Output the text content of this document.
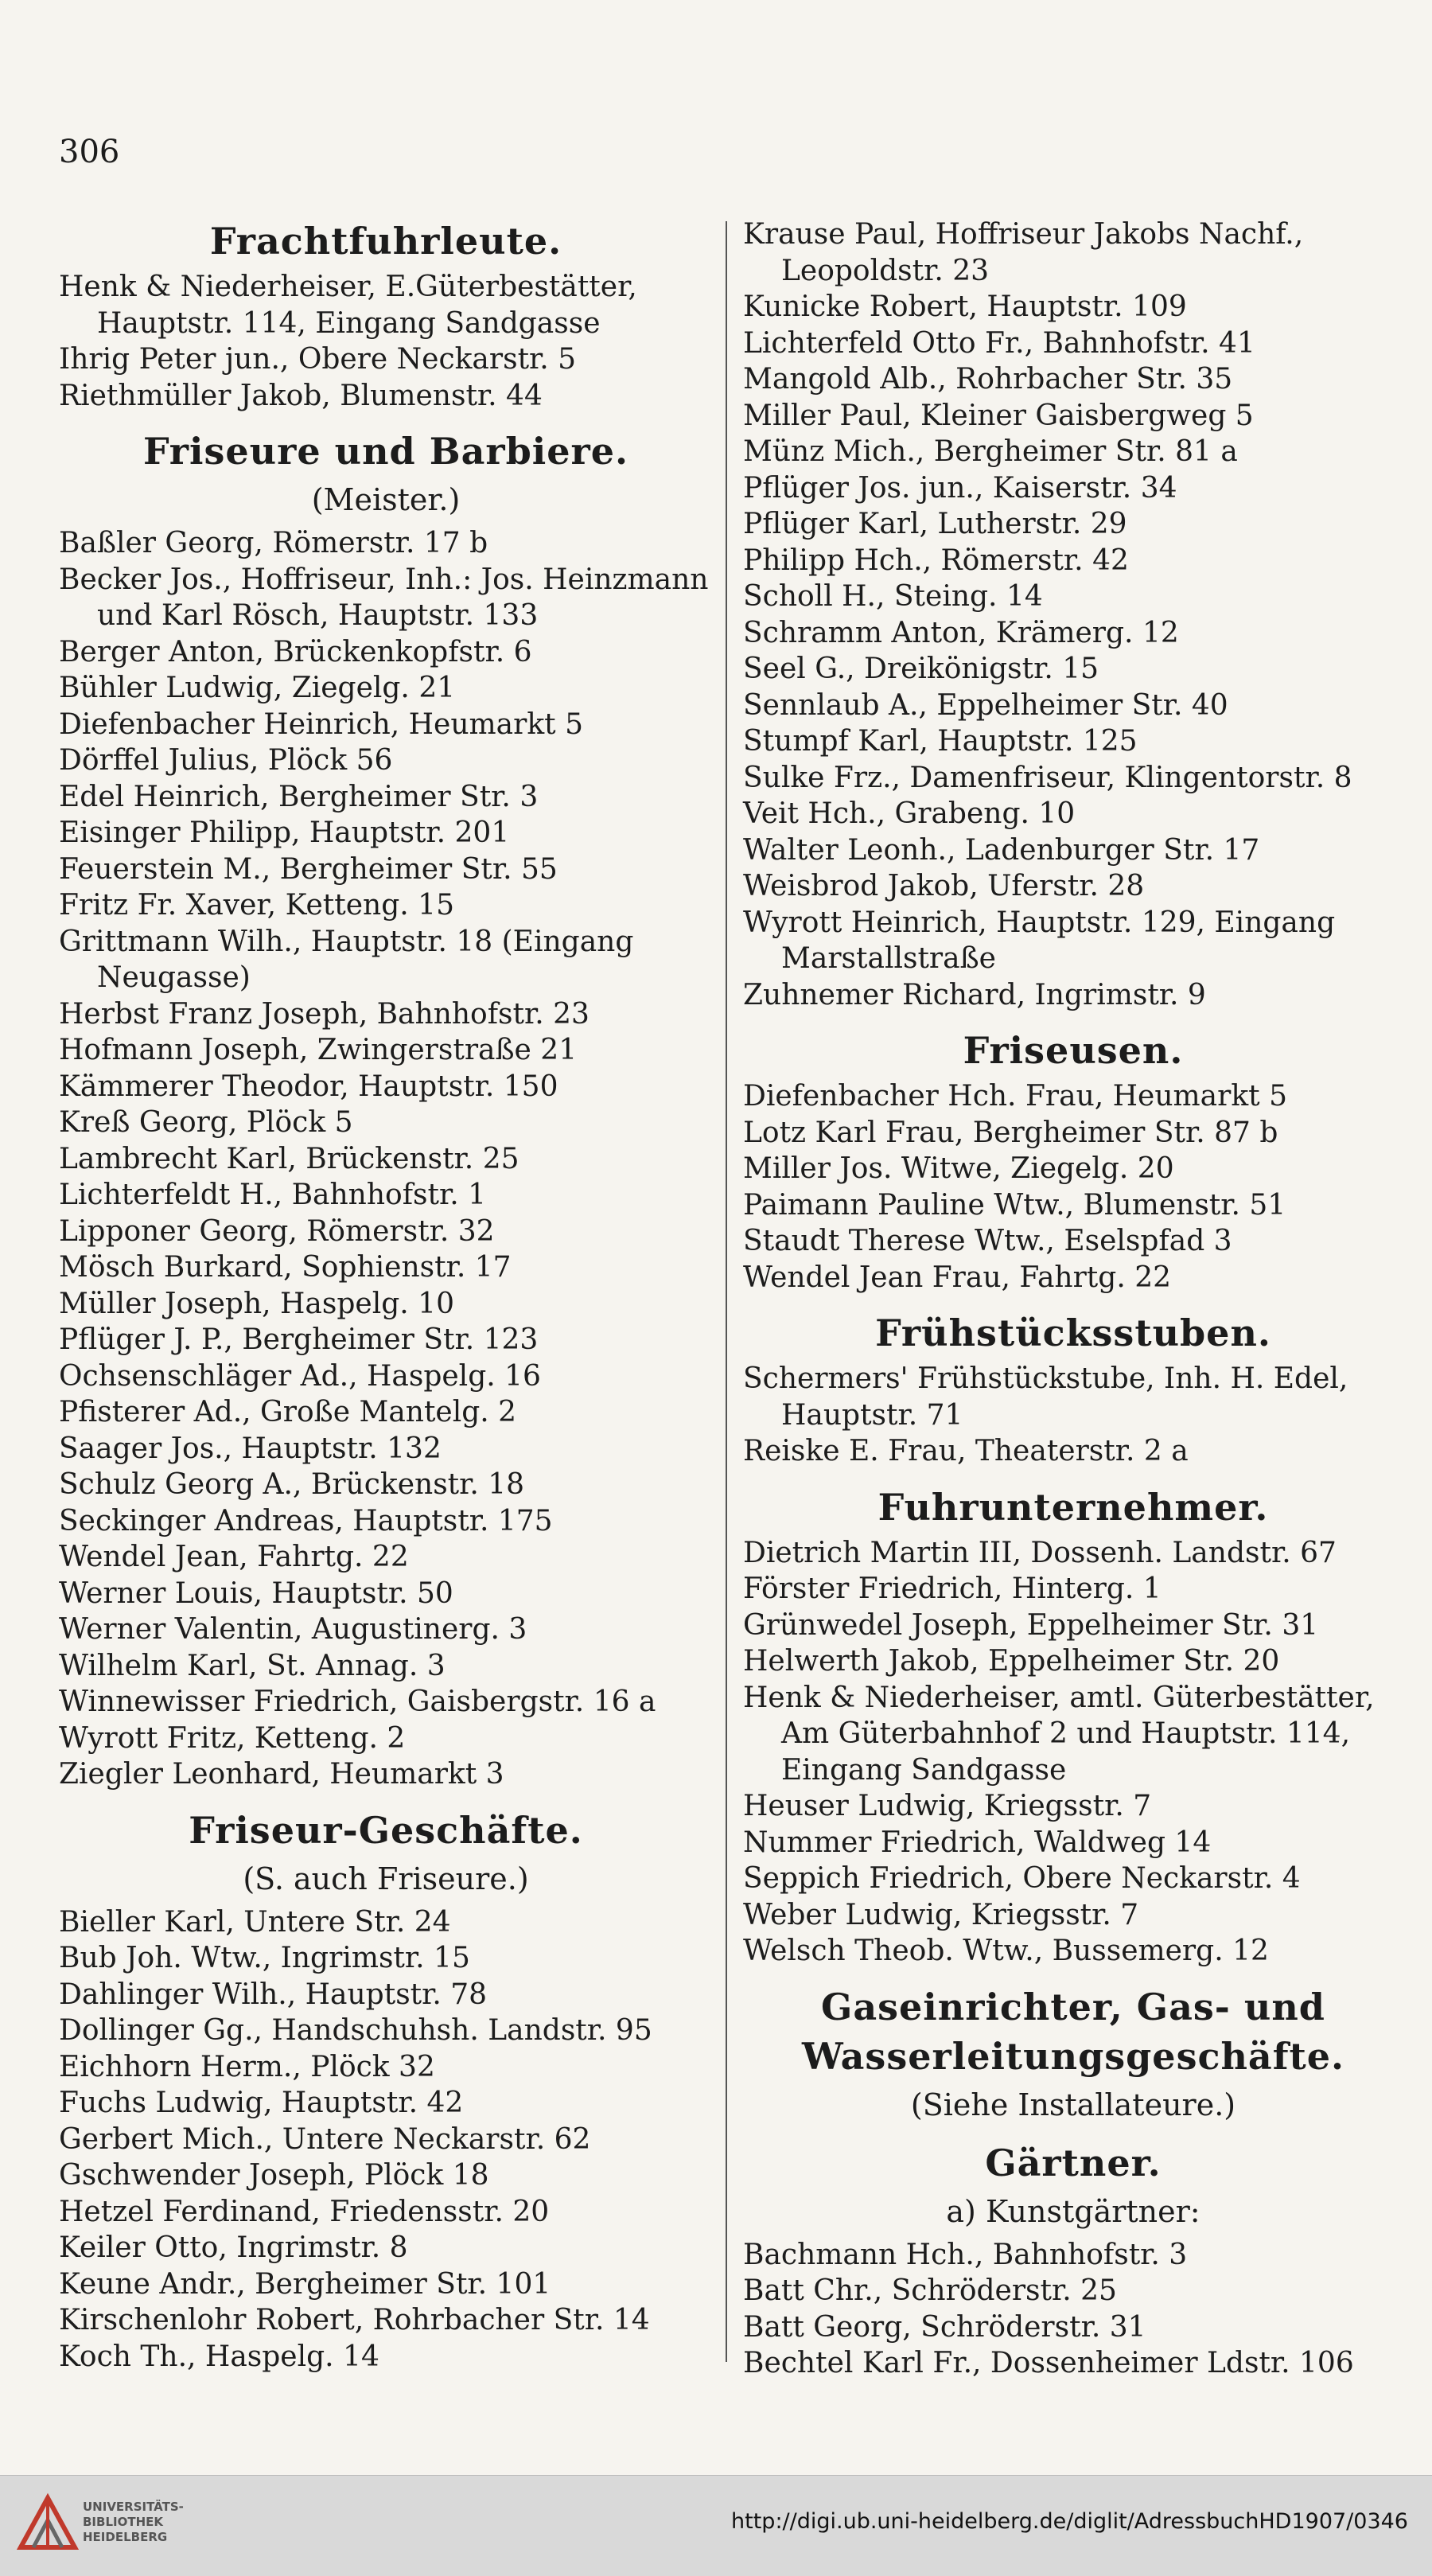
306
Frachtfuhrleute.
Henk & Niederheiser, E.Güterbestätter, Hauptstr. 114, Eingang Sandgasse
Ihrig Peter jun., Obere Neckarstr. 5
Riethmüller Jakob, Blumenstr. 44
Friseure und Barbiere.
(Meister.)
Baßler Georg, Römerstr. 17 b
Becker Jos., Hoffriseur, Inh.: Jos. Heinzmann und Karl Rösch, Hauptstr. 133
Berger Anton, Brückenkopfstr. 6
Bühler Ludwig, Ziegelg. 21
Diefenbacher Heinrich, Heumarkt 5
Dörffel Julius, Plöck 56
Edel Heinrich, Bergheimer Str. 3
Eisinger Philipp, Hauptstr. 201
Feuerstein M., Bergheimer Str. 55
Fritz Fr. Xaver, Ketteng. 15
Grittmann Wilh., Hauptstr. 18 (Eingang Neugasse)
Herbst Franz Joseph, Bahnhofstr. 23
Hofmann Joseph, Zwingerstraße 21
Kämmerer Theodor, Hauptstr. 150
Kreß Georg, Plöck 5
Lambrecht Karl, Brückenstr. 25
Lichterfeldt H., Bahnhofstr. 1
Lipponer Georg, Römerstr. 32
Mösch Burkard, Sophienstr. 17
Müller Joseph, Haspelg. 10
Pflüger J. P., Bergheimer Str. 123
Ochsenschläger Ad., Haspelg. 16
Pfisterer Ad., Große Mantelg. 2
Saager Jos., Hauptstr. 132
Schulz Georg A., Brückenstr. 18
Seckinger Andreas, Hauptstr. 175
Wendel Jean, Fahrtg. 22
Werner Louis, Hauptstr. 50
Werner Valentin, Augustinerg. 3
Wilhelm Karl, St. Annag. 3
Winnewisser Friedrich, Gaisbergstr. 16 a
Wyrott Fritz, Ketteng. 2
Ziegler Leonhard, Heumarkt 3
Friseur-Geschäfte.
(S. auch Friseure.)
Bieller Karl, Untere Str. 24
Bub Joh. Wtw., Ingrimstr. 15
Dahlinger Wilh., Hauptstr. 78
Dollinger Gg., Handschuhsh. Landstr. 95
Eichhorn Herm., Plöck 32
Fuchs Ludwig, Hauptstr. 42
Gerbert Mich., Untere Neckarstr. 62
Gschwender Joseph, Plöck 18
Hetzel Ferdinand, Friedensstr. 20
Keiler Otto, Ingrimstr. 8
Keune Andr., Bergheimer Str. 101
Kirschenlohr Robert, Rohrbacher Str. 14
Koch Th., Haspelg. 14
Krause Paul, Hoffriseur Jakobs Nachf., Leopoldstr. 23
Kunicke Robert, Hauptstr. 109
Lichterfeld Otto Fr., Bahnhofstr. 41
Mangold Alb., Rohrbacher Str. 35
Miller Paul, Kleiner Gaisbergweg 5
Münz Mich., Bergheimer Str. 81 a
Pflüger Jos. jun., Kaiserstr. 34
Pflüger Karl, Lutherstr. 29
Philipp Hch., Römerstr. 42
Scholl H., Steing. 14
Schramm Anton, Krämerg. 12
Seel G., Dreikönigstr. 15
Sennlaub A., Eppelheimer Str. 40
Stumpf Karl, Hauptstr. 125
Sulke Frz., Damenfriseur, Klingentorstr. 8
Veit Hch., Grabeng. 10
Walter Leonh., Ladenburger Str. 17
Weisbrod Jakob, Uferstr. 28
Wyrott Heinrich, Hauptstr. 129, Eingang Marstallstraße
Zuhnemer Richard, Ingrimstr. 9
Friseusen.
Diefenbacher Hch. Frau, Heumarkt 5
Lotz Karl Frau, Bergheimer Str. 87 b
Miller Jos. Witwe, Ziegelg. 20
Paimann Pauline Wtw., Blumenstr. 51
Staudt Therese Wtw., Eselspfad 3
Wendel Jean Frau, Fahrtg. 22
Frühstücksstuben.
Schermers' Frühstückstube, Inh. H. Edel, Hauptstr. 71
Reiske E. Frau, Theaterstr. 2 a
Fuhrunternehmer.
Dietrich Martin III, Dossenh. Landstr. 67
Förster Friedrich, Hinterg. 1
Grünwedel Joseph, Eppelheimer Str. 31
Helwerth Jakob, Eppelheimer Str. 20
Henk & Niederheiser, amtl. Güterbestätter, Am Güterbahnhof 2 und Hauptstr. 114, Eingang Sandgasse
Heuser Ludwig, Kriegsstr. 7
Nummer Friedrich, Waldweg 14
Seppich Friedrich, Obere Neckarstr. 4
Weber Ludwig, Kriegsstr. 7
Welsch Theob. Wtw., Bussemerg. 12
Gaseinrichter, Gas- und Wasserleitungsgeschäfte.
(Siehe Installateure.)
Gärtner.
a) Kunstgärtner:
Bachmann Hch., Bahnhofstr. 3
Batt Chr., Schröderstr. 25
Batt Georg, Schröderstr. 31
Bechtel Karl Fr., Dossenheimer Ldstr. 106
UNIVERSITÄTS-
BIBLIOTHEK
HEIDELBERG
http://digi.ub.uni-heidelberg.de/diglit/AdressbuchHD1907/0346
